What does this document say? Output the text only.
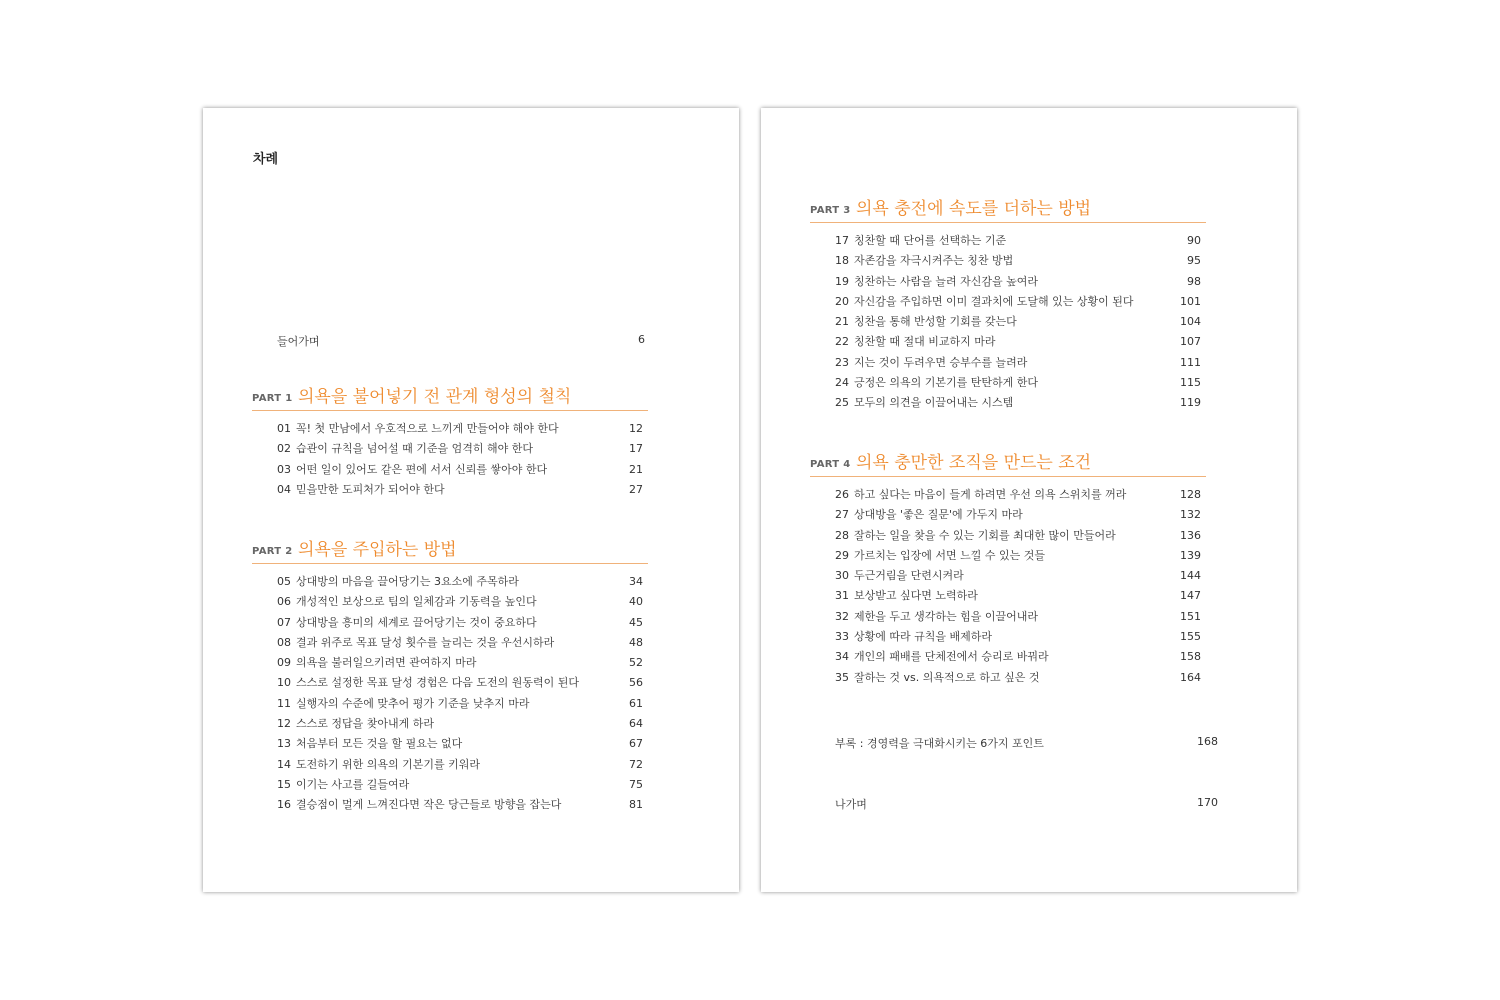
차례
들어가며	6
PART 1 의욕을 불어넣기 전 관계 형성의 철칙
01 꼭! 첫 만남에서 우호적으로 느끼게 만들어야 해야 한다	12
02 습관이 규칙을 넘어설 때 기준을 엄격히 해야 한다	17
03 어떤 일이 있어도 같은 편에 서서 신뢰를 쌓아야 한다	21
04 믿을만한 도피처가 되어야 한다	27
PART 2 의욕을 주입하는 방법
05 상대방의 마음을 끌어당기는 3요소에 주목하라	34
06 개성적인 보상으로 팀의 일체감과 기동력을 높인다	40
07 상대방을 흥미의 세계로 끌어당기는 것이 중요하다	45
08 결과 위주로 목표 달성 횟수를 늘리는 것을 우선시하라	48
09 의욕을 불러일으키려면 관여하지 마라	52
10 스스로 설정한 목표 달성 경험은 다음 도전의 원동력이 된다	56
11 실행자의 수준에 맞추어 평가 기준을 낮추지 마라	61
12 스스로 정답을 찾아내게 하라	64
13 처음부터 모든 것을 할 필요는 없다	67
14 도전하기 위한 의욕의 기본기를 키워라	72
15 이기는 사고를 길들여라	75
16 결승점이 멀게 느껴진다면 작은 당근들로 방향을 잡는다	81
PART 3 의욕 충전에 속도를 더하는 방법
17 칭찬할 때 단어를 선택하는 기준	90
18 자존감을 자극시켜주는 칭찬 방법	95
19 칭찬하는 사람을 늘려 자신감을 높여라	98
20 자신감을 주입하면 이미 결과치에 도달해 있는 상황이 된다	101
21 칭찬을 통해 반성할 기회를 갖는다	104
22 칭찬할 때 절대 비교하지 마라	107
23 지는 것이 두려우면 승부수를 늘려라	111
24 긍정은 의욕의 기본기를 탄탄하게 한다	115
25 모두의 의견을 이끌어내는 시스템	119
PART 4 의욕 충만한 조직을 만드는 조건
26 하고 싶다는 마음이 들게 하려면 우선 의욕 스위치를 꺼라	128
27 상대방을 '좋은 질문'에 가두지 마라	132
28 잘하는 일을 찾을 수 있는 기회를 최대한 많이 만들어라	136
29 가르치는 입장에 서면 느낄 수 있는 것들	139
30 두근거림을 단련시켜라	144
31 보상받고 싶다면 노력하라	147
32 제한을 두고 생각하는 힘을 이끌어내라	151
33 상황에 따라 규칙을 배제하라	155
34 개인의 패배를 단체전에서 승리로 바꿔라	158
35 잘하는 것 vs. 의욕적으로 하고 싶은 것	164
부록 : 경영력을 극대화시키는 6가지 포인트	168
나가며	170
